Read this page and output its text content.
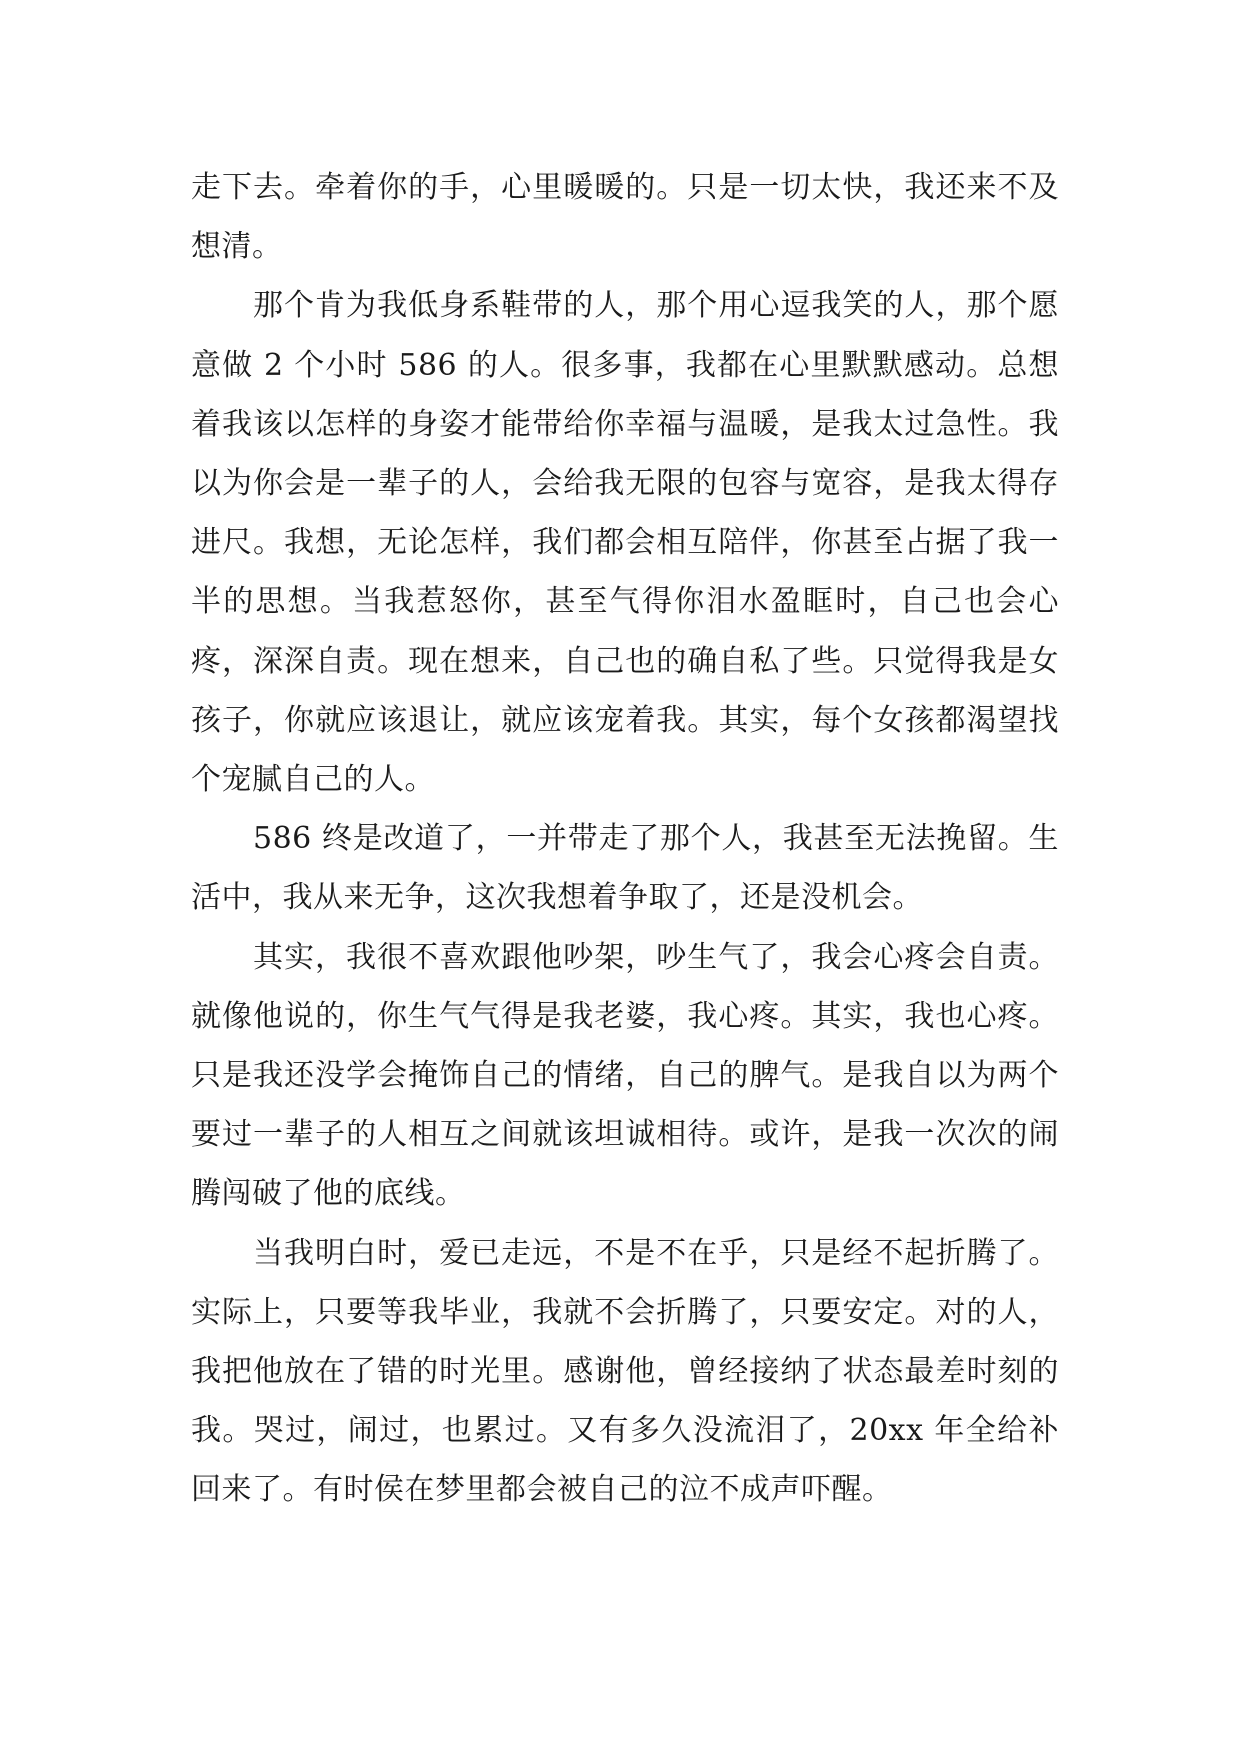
走下去。牵着你的手，心里暖暖的。只是一切太快，我还来不及想清。

那个肯为我低身系鞋带的人，那个用心逗我笑的人，那个愿意做 2 个小时 586 的人。很多事，我都在心里默默感动。总想着我该以怎样的身姿才能带给你幸福与温暖，是我太过急性。我以为你会是一辈子的人，会给我无限的包容与宽容，是我太得存进尺。我想，无论怎样，我们都会相互陪伴，你甚至占据了我一半的思想。当我惹怒你，甚至气得你泪水盈眶时，自己也会心疼，深深自责。现在想来，自己也的确自私了些。只觉得我是女孩子，你就应该退让，就应该宠着我。其实，每个女孩都渴望找个宠腻自己的人。

586 终是改道了，一并带走了那个人，我甚至无法挽留。生活中，我从来无争，这次我想着争取了，还是没机会。

其实，我很不喜欢跟他吵架，吵生气了，我会心疼会自责。就像他说的，你生气气得是我老婆，我心疼。其实，我也心疼。只是我还没学会掩饰自己的情绪，自己的脾气。是我自以为两个要过一辈子的人相互之间就该坦诚相待。或许，是我一次次的闹腾闯破了他的底线。

当我明白时，爱已走远，不是不在乎，只是经不起折腾了。实际上，只要等我毕业，我就不会折腾了，只要安定。对的人，我把他放在了错的时光里。感谢他，曾经接纳了状态最差时刻的我。哭过，闹过，也累过。又有多久没流泪了，20xx 年全给补回来了。有时侯在梦里都会被自己的泣不成声吓醒。
